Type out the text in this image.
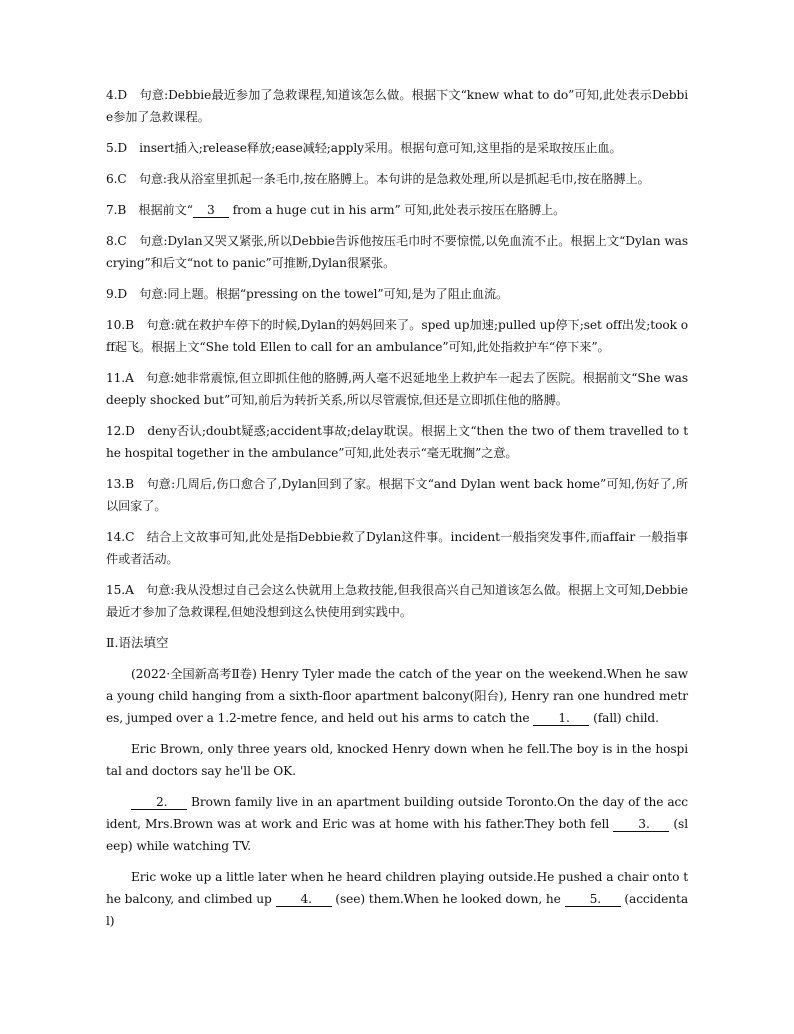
4.D　句意:Debbie最近参加了急救课程,知道该怎么做。根据下文“knew what to do”可知,此处表示Debbie参加了急救课程。

5.D　insert插入;release释放;ease减轻;apply采用。根据句意可知,这里指的是采取按压止血。

6.C　句意:我从浴室里抓起一条毛巾,按在胳膊上。本句讲的是急救处理,所以是抓起毛巾,按在胳膊上。

7.B　根据前文“ 3 from a huge cut in his arm” 可知,此处表示按压在胳膊上。

8.C　句意:Dylan又哭又紧张,所以Debbie告诉他按压毛巾时不要惊慌,以免血流不止。根据上文“Dylan was crying”和后文“not to panic”可推断,Dylan很紧张。

9.D　句意:同上题。根据“pressing on the towel”可知,是为了阻止血流。

10.B　句意:就在救护车停下的时候,Dylan的妈妈回来了。sped up加速;pulled up停下;set off出发;took off起飞。根据上文“She told Ellen to call for an ambulance”可知,此处指救护车“停下来”。

11.A　句意:她非常震惊,但立即抓住他的胳膊,两人毫不迟延地坐上救护车一起去了医院。根据前文“She was deeply shocked but”可知,前后为转折关系,所以尽管震惊,但还是立即抓住他的胳膊。

12.D　deny否认;doubt疑惑;accident事故;delay耽误。根据上文“then the two of them travelled to the hospital together in the ambulance”可知,此处表示“毫无耽搁”之意。

13.B　句意:几周后,伤口愈合了,Dylan回到了家。根据下文“and Dylan went back home”可知,伤好了,所以回家了。

14.C　结合上文故事可知,此处是指Debbie救了Dylan这件事。incident一般指突发事件,而affair 一般指事件或者活动。

15.A　句意:我从没想过自己会这么快就用上急救技能,但我很高兴自己知道该怎么做。根据上文可知,Debbie最近才参加了急救课程,但她没想到这么快使用到实践中。

Ⅱ.语法填空

(2022·全国新高考Ⅱ卷) Henry Tyler made the catch of the year on the weekend.When he saw a young child hanging from a sixth-floor apartment balcony(阳台), Henry ran one hundred metres, jumped over a 1.2-metre fence, and held out his arms to catch the 1. (fall) child.

Eric Brown, only three years old, knocked Henry down when he fell.The boy is in the hospital and doctors say he'll be OK.

2. Brown family live in an apartment building outside Toronto.On the day of the accident, Mrs.Brown was at work and Eric was at home with his father.They both fell 3. (sleep) while watching TV.

Eric woke up a little later when he heard children playing outside.He pushed a chair onto the balcony, and climbed up 4. (see) them.When he looked down, he 5. (accidental)
